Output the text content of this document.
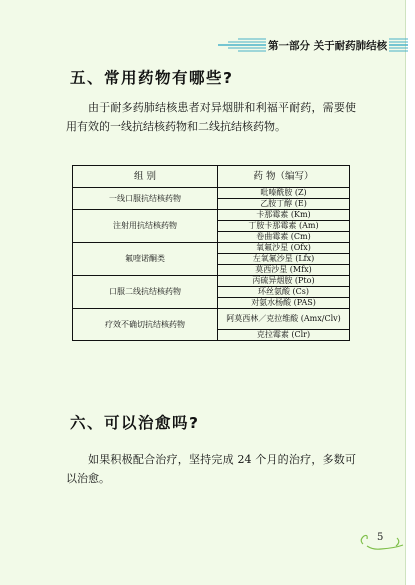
第一部分 关于耐药肺结核
五、常用药物有哪些?
由于耐多药肺结核患者对异烟肼和利福平耐药，需要使用有效的一线抗结核药物和二线抗结核药物。
组 别	药 物（编写）
一线口服抗结核药物	吡嗪酰胺 (Z)
	乙胺丁醇 (E)
注射用抗结核药物	卡那霉素 (Km)
	丁胺卡那霉素 (Am)
	卷曲霉素 (Cm)
氟喹诺酮类	氧氟沙星 (Ofx)
	左氧氟沙星 (Lfx)
	莫西沙星 (Mfx)
口服二线抗结核药物	丙硫异烟胺 (Pto)
	环丝氨酸 (Cs)
	对氨水杨酸 (PAS)
疗效不确切抗结核药物	阿莫西林／克拉维酸 (Amx/Clv)
	克拉霉素 (Clr)
六、可以治愈吗?
如果积极配合治疗，坚持完成 24 个月的治疗，多数可以治愈。
5
